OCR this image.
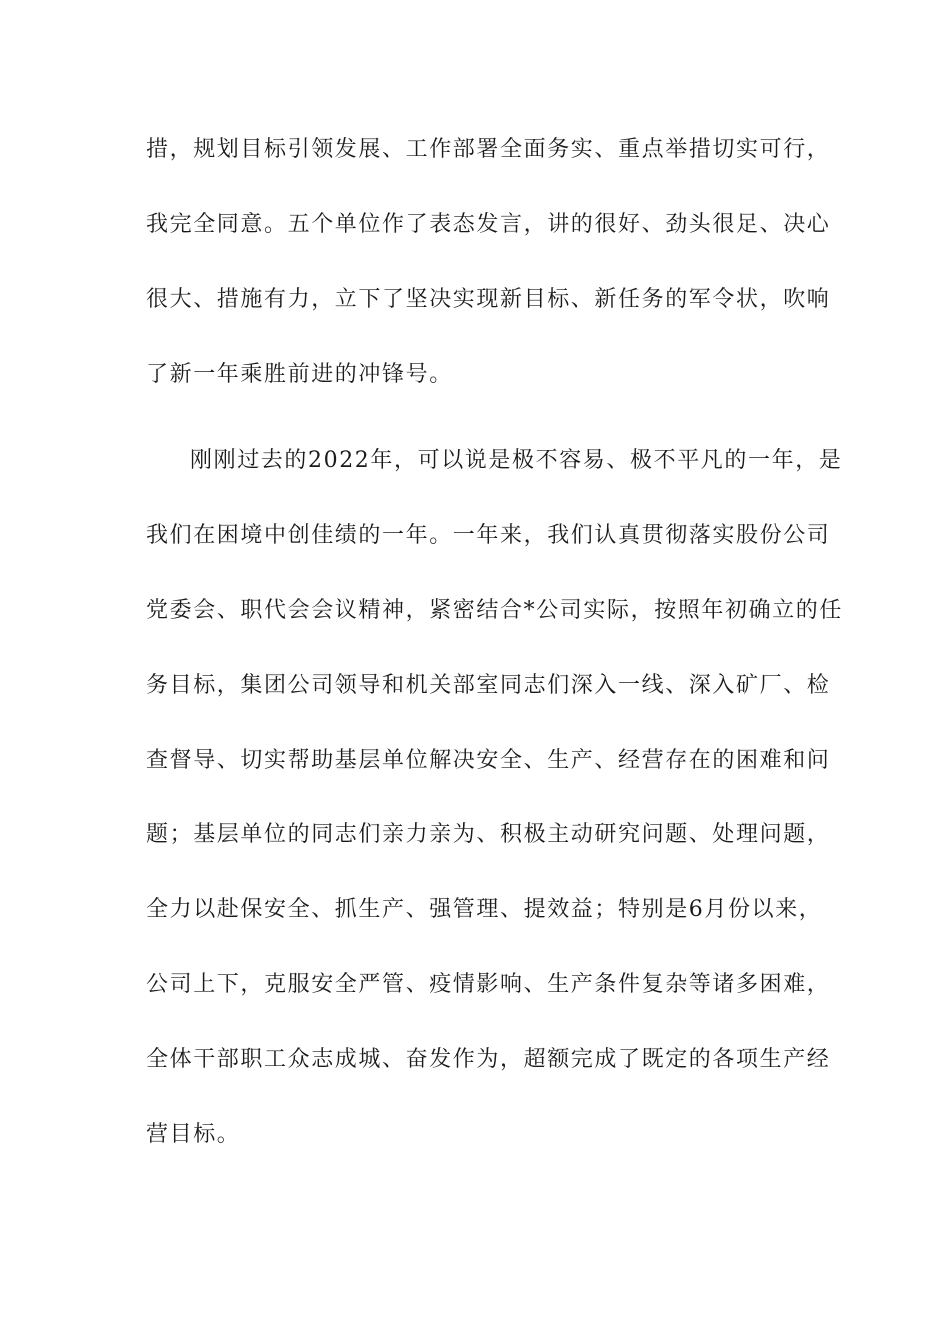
措，规划目标引领发展、工作部署全面务实、重点举措切实可行，
我完全同意。五个单位作了表态发言，讲的很好、劲头很足、决心
很大、措施有力，立下了坚决实现新目标、新任务的军令状，吹响
了新一年乘胜前进的冲锋号。
刚刚过去的2022年，可以说是极不容易、极不平凡的一年，是
我们在困境中创佳绩的一年。一年来，我们认真贯彻落实股份公司
党委会、职代会会议精神，紧密结合*公司实际，按照年初确立的任
务目标，集团公司领导和机关部室同志们深入一线、深入矿厂、检
查督导、切实帮助基层单位解决安全、生产、经营存在的困难和问
题；基层单位的同志们亲力亲为、积极主动研究问题、处理问题，
全力以赴保安全、抓生产、强管理、提效益；特别是6月份以来，
公司上下，克服安全严管、疫情影响、生产条件复杂等诸多困难，
全体干部职工众志成城、奋发作为，超额完成了既定的各项生产经
营目标。
